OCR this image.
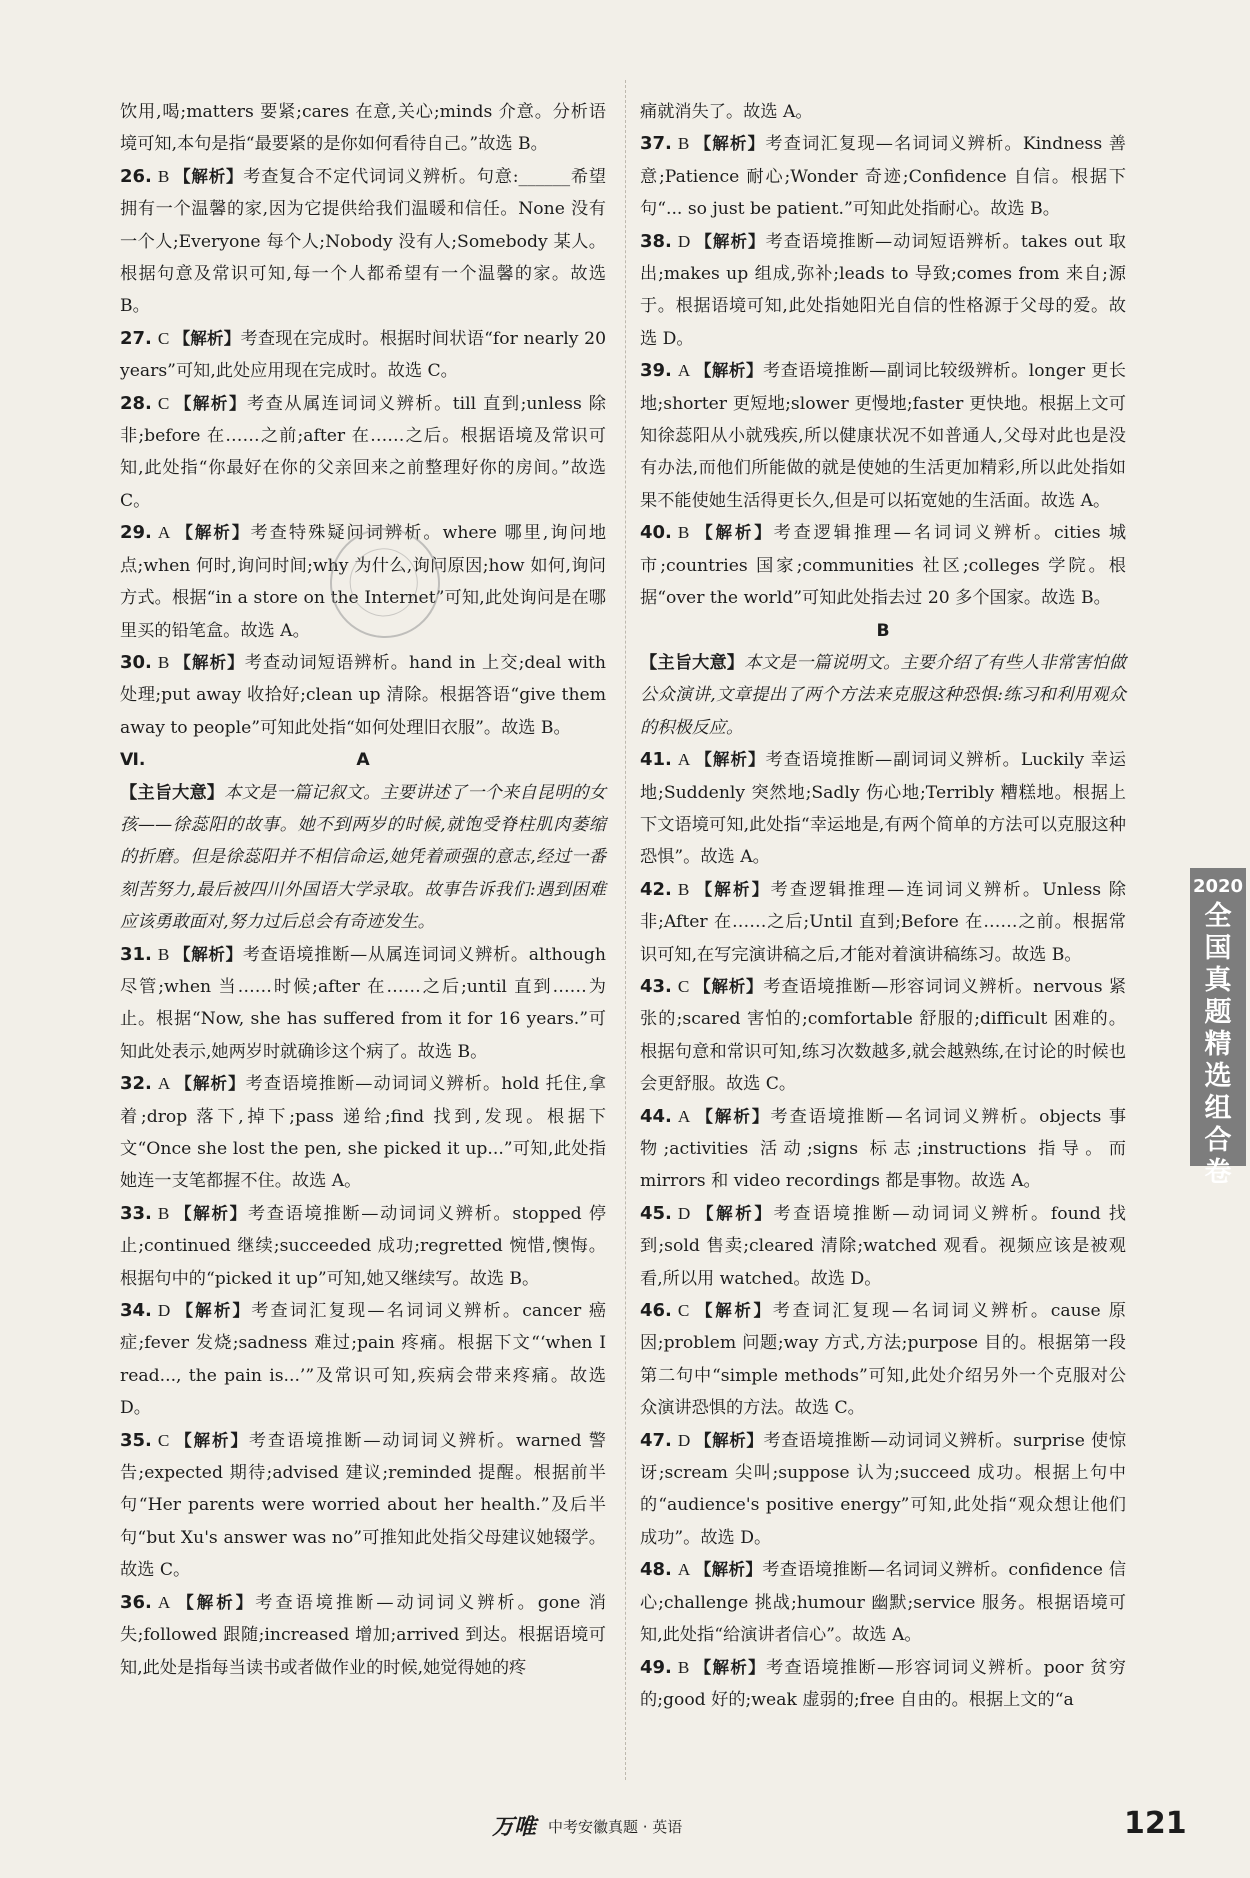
饮用,喝;matters 要紧;cares 在意,关心;minds 介意。分析语境可知,本句是指“最要紧的是你如何看待自己。”故选 B。

26. B 【解析】考查复合不定代词词义辨析。句意:______希望拥有一个温馨的家,因为它提供给我们温暖和信任。None 没有一个人;Everyone 每个人;Nobody 没有人;Somebody 某人。根据句意及常识可知,每一个人都希望有一个温馨的家。故选 B。

27. C 【解析】考查现在完成时。根据时间状语“for nearly 20 years”可知,此处应用现在完成时。故选 C。

28. C 【解析】考查从属连词词义辨析。till 直到;unless 除非;before 在……之前;after 在……之后。根据语境及常识可知,此处指“你最好在你的父亲回来之前整理好你的房间。”故选 C。

29. A 【解析】考查特殊疑问词辨析。where 哪里,询问地点;when 何时,询问时间;why 为什么,询问原因;how 如何,询问方式。根据“in a store on the Internet”可知,此处询问是在哪里买的铅笔盒。故选 A。

30. B 【解析】考查动词短语辨析。hand in 上交;deal with 处理;put away 收拾好;clean up 清除。根据答语“give them away to people”可知此处指“如何处理旧衣服”。故选 B。

Ⅵ.	A

【主旨大意】本文是一篇记叙文。主要讲述了一个来自昆明的女孩——徐蕊阳的故事。她不到两岁的时候,就饱受脊柱肌肉萎缩的折磨。但是徐蕊阳并不相信命运,她凭着顽强的意志,经过一番刻苦努力,最后被四川外国语大学录取。故事告诉我们:遇到困难应该勇敢面对,努力过后总会有奇迹发生。

31. B 【解析】考查语境推断—从属连词词义辨析。although 尽管;when 当……时候;after 在……之后;until 直到……为止。根据“Now, she has suffered from it for 16 years.”可知此处表示,她两岁时就确诊这个病了。故选 B。

32. A 【解析】考查语境推断—动词词义辨析。hold 托住,拿着;drop 落下,掉下;pass 递给;find 找到,发现。根据下文“Once she lost the pen, she picked it up...”可知,此处指她连一支笔都握不住。故选 A。

33. B 【解析】考查语境推断—动词词义辨析。stopped 停止;continued 继续;succeeded 成功;regretted 惋惜,懊悔。根据句中的“picked it up”可知,她又继续写。故选 B。

34. D 【解析】考查词汇复现—名词词义辨析。cancer 癌症;fever 发烧;sadness 难过;pain 疼痛。根据下文“‘when I read..., the pain is...’”及常识可知,疾病会带来疼痛。故选 D。

35. C 【解析】考查语境推断—动词词义辨析。warned 警告;expected 期待;advised 建议;reminded 提醒。根据前半句“Her parents were worried about her health.”及后半句“but Xu's answer was no”可推知此处指父母建议她辍学。故选 C。

36. A 【解析】考查语境推断—动词词义辨析。gone 消失;followed 跟随;increased 增加;arrived 到达。根据语境可知,此处是指每当读书或者做作业的时候,她觉得她的疼

痛就消失了。故选 A。

37. B 【解析】考查词汇复现—名词词义辨析。Kindness 善意;Patience 耐心;Wonder 奇迹;Confidence 自信。根据下句“... so just be patient.”可知此处指耐心。故选 B。

38. D 【解析】考查语境推断—动词短语辨析。takes out 取出;makes up 组成,弥补;leads to 导致;comes from 来自;源于。根据语境可知,此处指她阳光自信的性格源于父母的爱。故选 D。

39. A 【解析】考查语境推断—副词比较级辨析。longer 更长地;shorter 更短地;slower 更慢地;faster 更快地。根据上文可知徐蕊阳从小就残疾,所以健康状况不如普通人,父母对此也是没有办法,而他们所能做的就是使她的生活更加精彩,所以此处指如果不能使她生活得更长久,但是可以拓宽她的生活面。故选 A。

40. B 【解析】考查逻辑推理—名词词义辨析。cities 城市;countries 国家;communities 社区;colleges 学院。根据“over the world”可知此处指去过 20 多个国家。故选 B。

B

【主旨大意】本文是一篇说明文。主要介绍了有些人非常害怕做公众演讲,文章提出了两个方法来克服这种恐惧:练习和利用观众的积极反应。

41. A 【解析】考查语境推断—副词词义辨析。Luckily 幸运地;Suddenly 突然地;Sadly 伤心地;Terribly 糟糕地。根据上下文语境可知,此处指“幸运地是,有两个简单的方法可以克服这种恐惧”。故选 A。

42. B 【解析】考查逻辑推理—连词词义辨析。Unless 除非;After 在……之后;Until 直到;Before 在……之前。根据常识可知,在写完演讲稿之后,才能对着演讲稿练习。故选 B。

43. C 【解析】考查语境推断—形容词词义辨析。nervous 紧张的;scared 害怕的;comfortable 舒服的;difficult 困难的。根据句意和常识可知,练习次数越多,就会越熟练,在讨论的时候也会更舒服。故选 C。

44. A 【解析】考查语境推断—名词词义辨析。objects 事物;activities 活动;signs 标志;instructions 指导。而 mirrors 和 video recordings 都是事物。故选 A。

45. D 【解析】考查语境推断—动词词义辨析。found 找到;sold 售卖;cleared 清除;watched 观看。视频应该是被观看,所以用 watched。故选 D。

46. C 【解析】考查词汇复现—名词词义辨析。cause 原因;problem 问题;way 方式,方法;purpose 目的。根据第一段第二句中“simple methods”可知,此处介绍另外一个克服对公众演讲恐惧的方法。故选 C。

47. D 【解析】考查语境推断—动词词义辨析。surprise 使惊讶;scream 尖叫;suppose 认为;succeed 成功。根据上句中的“audience's positive energy”可知,此处指“观众想让他们成功”。故选 D。

48. A 【解析】考查语境推断—名词词义辨析。confidence 信心;challenge 挑战;humour 幽默;service 服务。根据语境可知,此处指“给演讲者信心”。故选 A。

49. B 【解析】考查语境推断—形容词词义辨析。poor 贫穷的;good 好的;weak 虚弱的;free 自由的。根据上文的“a

2020
全国真题精选组合卷
万唯 中考安徽真题 · 英语	121
